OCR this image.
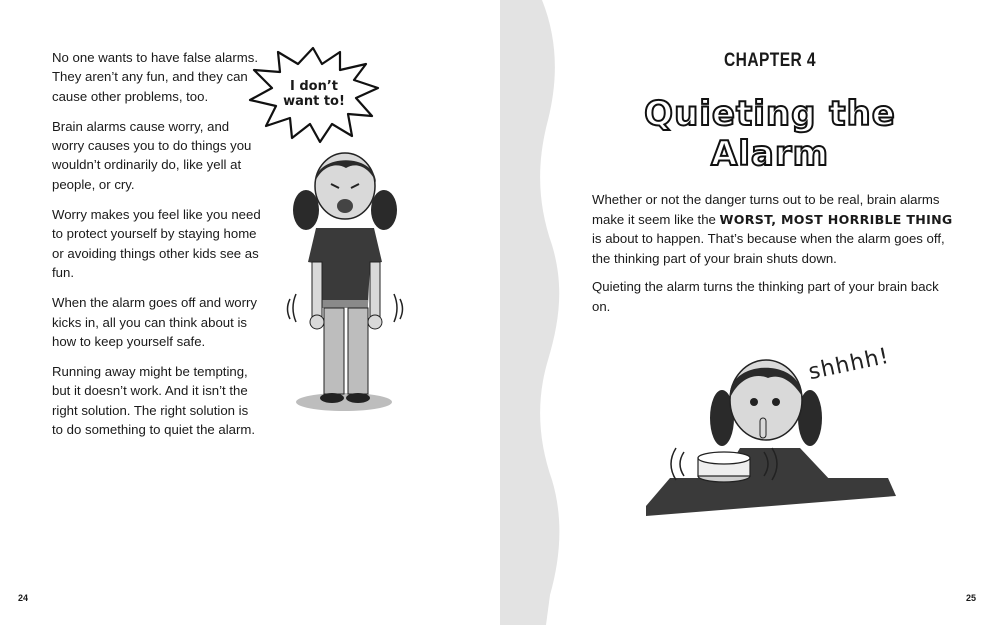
No one wants to have false alarms. They aren’t any fun, and they can cause other problems, too.

Brain alarms cause worry, and worry causes you to do things you wouldn’t ordinarily do, like yell at people, or cry.

Worry makes you feel like you need to protect yourself by staying home or avoiding things other kids see as fun.

When the alarm goes off and worry kicks in, all you can think about is how to keep yourself safe.

Running away might be tempting, but it doesn’t work. And it isn’t the right solution. The right solution is to do something to quiet the alarm.

I don’t
want to!
24
CHAPTER 4
Quieting the Alarm

Whether or not the danger turns out to be real, brain alarms make it seem like the WORST, MOST HORRIBLE THING is about to happen. That’s because when the alarm goes off, the thinking part of your brain shuts down.

Quieting the alarm turns the thinking part of your brain back on.

shhhh!
25
